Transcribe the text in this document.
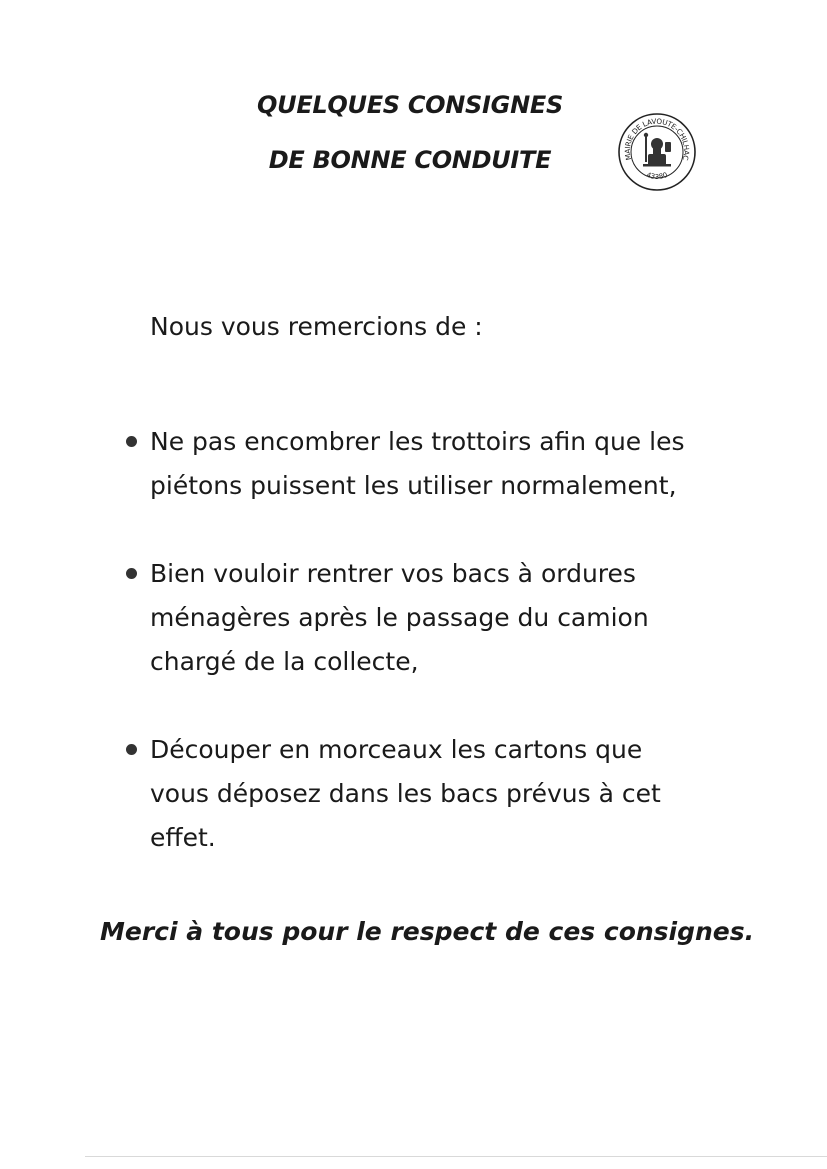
QUELQUES CONSIGNES
DE BONNE CONDUITE	MAIRIE DE LAVOUTE-CHILHAC
43380

Nous vous remercions de :

Ne pas encombrer les trottoirs afin que les
piétons puissent les utiliser normalement,
Bien vouloir rentrer vos bacs à ordures
ménagères après le passage du camion
chargé de la collecte,
Découper en morceaux les cartons que
vous déposez dans les bacs prévus à cet
effet.

Merci à tous pour le respect de ces consignes.
